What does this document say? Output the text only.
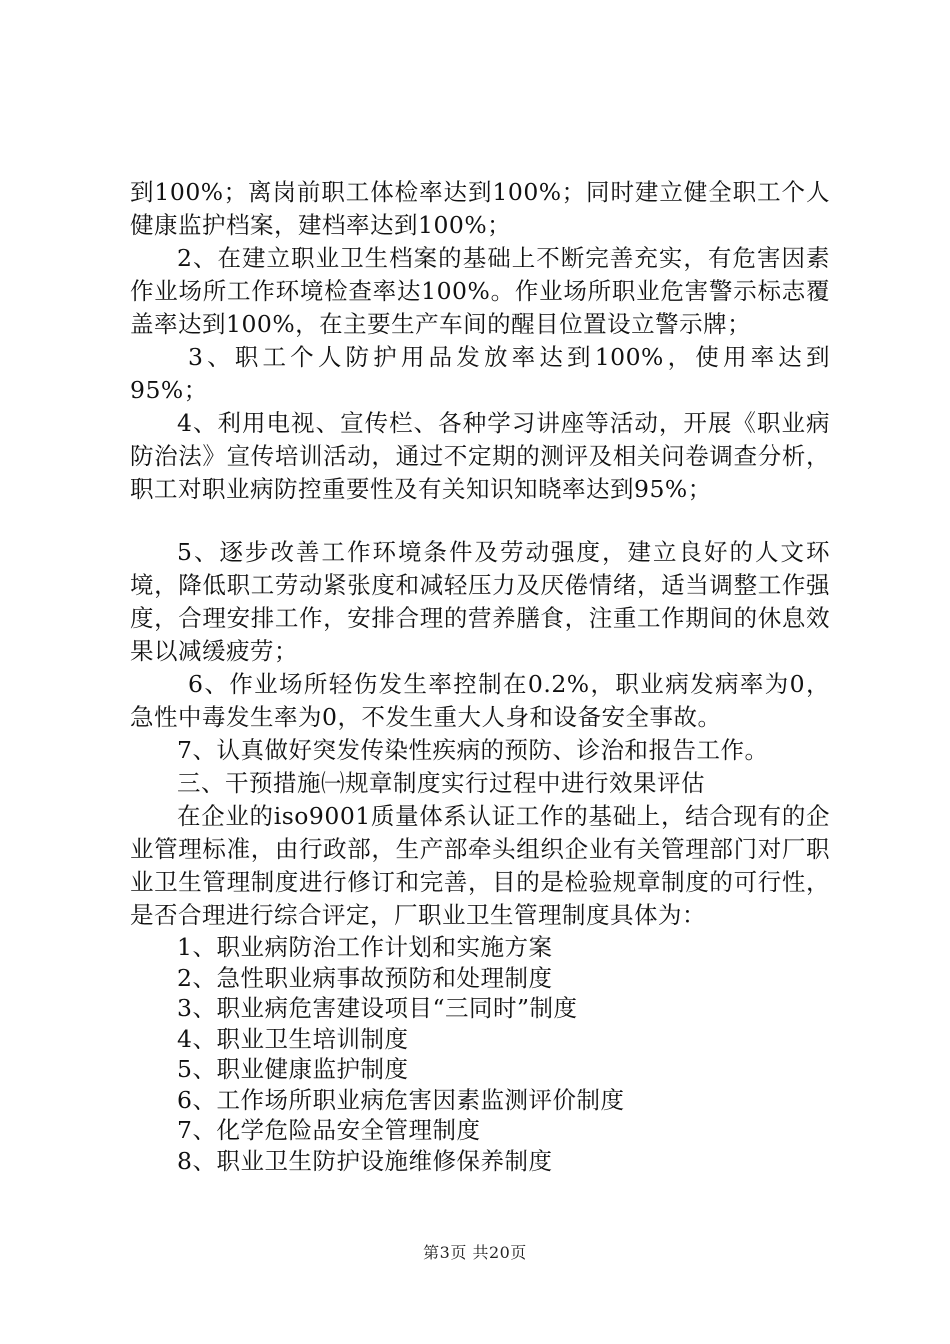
到100%；离岗前职工体检率达到100%；同时建立健全职工个人健康监护档案，建档率达到100%；

2、在建立职业卫生档案的基础上不断完善充实，有危害因素作业场所工作环境检查率达100%。作业场所职业危害警示标志覆盖率达到100%，在主要生产车间的醒目位置设立警示牌；

3、职工个人防护用品发放率达到100%，使用率达到95%；

4、利用电视、宣传栏、各种学习讲座等活动，开展《职业病防治法》宣传培训活动，通过不定期的测评及相关问卷调查分析，职工对职业病防控重要性及有关知识知晓率达到95%；

5、逐步改善工作环境条件及劳动强度，建立良好的人文环境，降低职工劳动紧张度和减轻压力及厌倦情绪，适当调整工作强度，合理安排工作，安排合理的营养膳食，注重工作期间的休息效果以减缓疲劳；

6、作业场所轻伤发生率控制在0.2%，职业病发病率为0，急性中毒发生率为0，不发生重大人身和设备安全事故。

7、认真做好突发传染性疾病的预防、诊治和报告工作。

三、干预措施㈠规章制度实行过程中进行效果评估

在企业的iso9001质量体系认证工作的基础上，结合现有的企业管理标准，由行政部，生产部牵头组织企业有关管理部门对厂职业卫生管理制度进行修订和完善，目的是检验规章制度的可行性，是否合理进行综合评定，厂职业卫生管理制度具体为：

1、职业病防治工作计划和实施方案

2、急性职业病事故预防和处理制度

3、职业病危害建设项目“三同时”制度

4、职业卫生培训制度

5、职业健康监护制度

6、工作场所职业病危害因素监测评价制度

7、化学危险品安全管理制度

8、职业卫生防护设施维修保养制度

第3页 共20页
